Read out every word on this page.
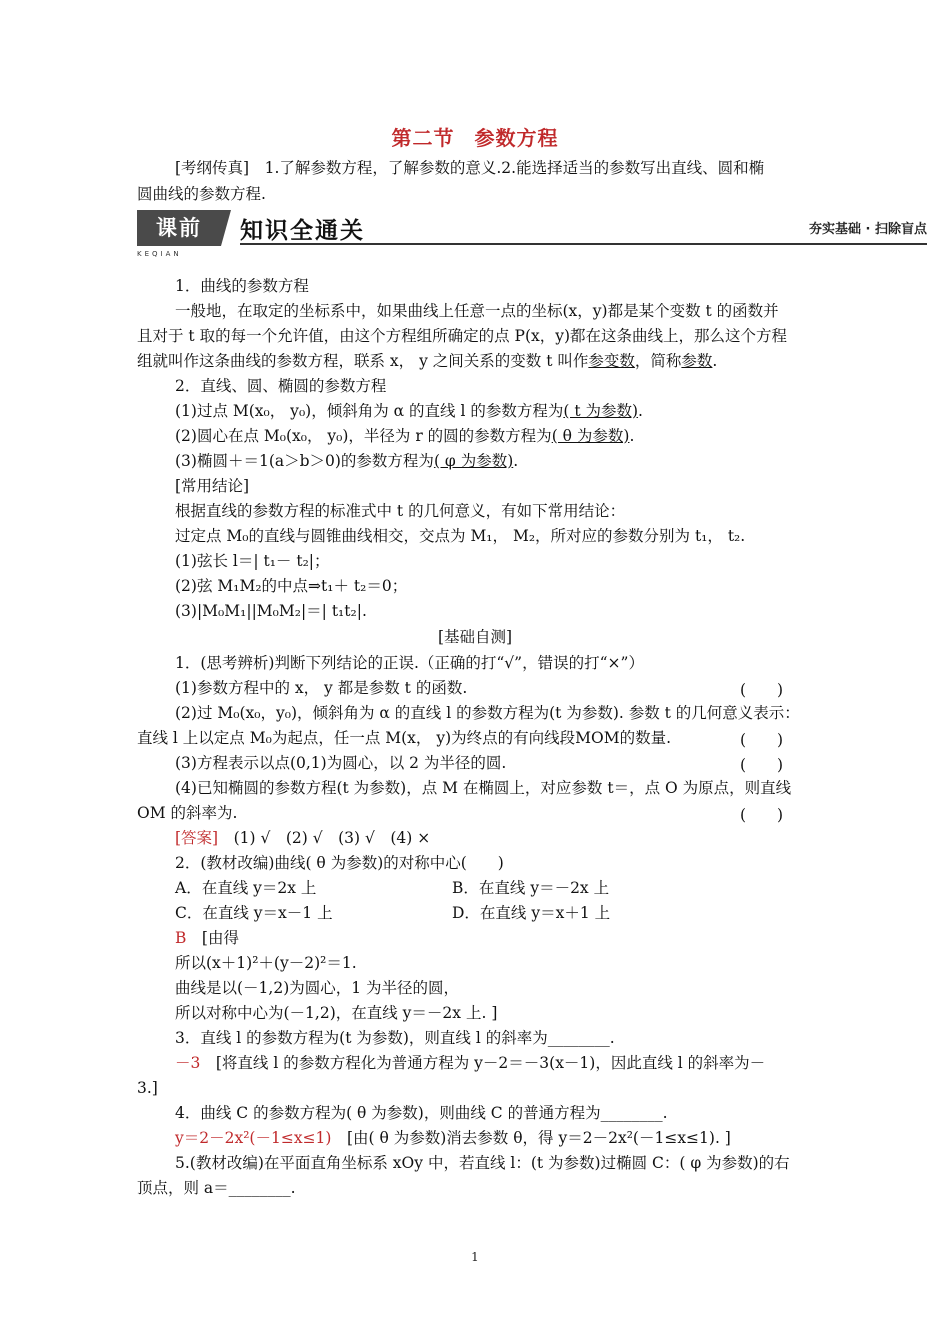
第二节 参数方程
[考纲传真]　1.了解参数方程，了解参数的意义.2.能选择适当的参数写出直线、圆和椭
圆曲线的参数方程.
课前
KEQIAN
知识全通关	夯实基础 · 扫除盲点
1．曲线的参数方程
一般地，在取定的坐标系中，如果曲线上任意一点的坐标(x，y)都是某个变数 t 的函数并
且对于 t 取的每一个允许值，由这个方程组所确定的点 P(x，y)都在这条曲线上，那么这个方程
组就叫作这条曲线的参数方程，联系 x， y 之间关系的变数 t 叫作参变数，简称参数.
2．直线、圆、椭圆的参数方程
(1)过点 M(x₀， y₀)，倾斜角为 α 的直线 l 的参数方程为( t 为参数).
(2)圆心在点 M₀(x₀， y₀)，半径为 r 的圆的参数方程为( θ 为参数).
(3)椭圆＋＝1(a＞b＞0)的参数方程为( φ 为参数).
[常用结论]
根据直线的参数方程的标准式中 t 的几何意义，有如下常用结论：
过定点 M₀的直线与圆锥曲线相交，交点为 M₁， M₂，所对应的参数分别为 t₁， t₂.
(1)弦长 l＝| t₁－ t₂|；
(2)弦 M₁M₂的中点⇒t₁＋ t₂＝0；
(3)|M₀M₁||M₀M₂|＝| t₁t₂|.
[基础自测]
1．(思考辨析)判断下列结论的正误.（正确的打“√”，错误的打“×”）
(1)参数方程中的 x， y 都是参数 t 的函数.	(　　)
(2)过 M₀(x₀，y₀)，倾斜角为 α 的直线 l 的参数方程为(t 为参数). 参数 t 的几何意义表示：
直线 l 上以定点 M₀为起点，任一点 M(x， y)为终点的有向线段MOM的数量.	(　　)
(3)方程表示以点(0,1)为圆心，以 2 为半径的圆.	(　　)
(4)已知椭圆的参数方程(t 为参数)，点 M 在椭圆上，对应参数 t＝，点 O 为原点，则直线
OM 的斜率为.	(　　)
[答案]　(1) √　(2) √　(3) √　(4) ×
2．(教材改编)曲线( θ 为参数)的对称中心(　　)
A．在直线 y＝2x 上	B．在直线 y＝－2x 上
C．在直线 y＝x－1 上	D．在直线 y＝x＋1 上
B　[由得
所以(x＋1)²＋(y－2)²＝1.
曲线是以(－1,2)为圆心，1 为半径的圆，
所以对称中心为(－1,2)，在直线 y＝－2x 上. ]
3．直线 l 的参数方程为(t 为参数)，则直线 l 的斜率为________.
－3　[将直线 l 的参数方程化为普通方程为 y－2＝－3(x－1)，因此直线 l 的斜率为－
3.]
4．曲线 C 的参数方程为( θ 为参数)，则曲线 C 的普通方程为________.
y＝2－2x²(－1≤x≤1)　[由( θ 为参数)消去参数 θ，得 y＝2－2x²(－1≤x≤1). ]
5.(教材改编)在平面直角坐标系 xOy 中，若直线 l：(t 为参数)过椭圆 C：( φ 为参数)的右
顶点，则 a＝________.
1
